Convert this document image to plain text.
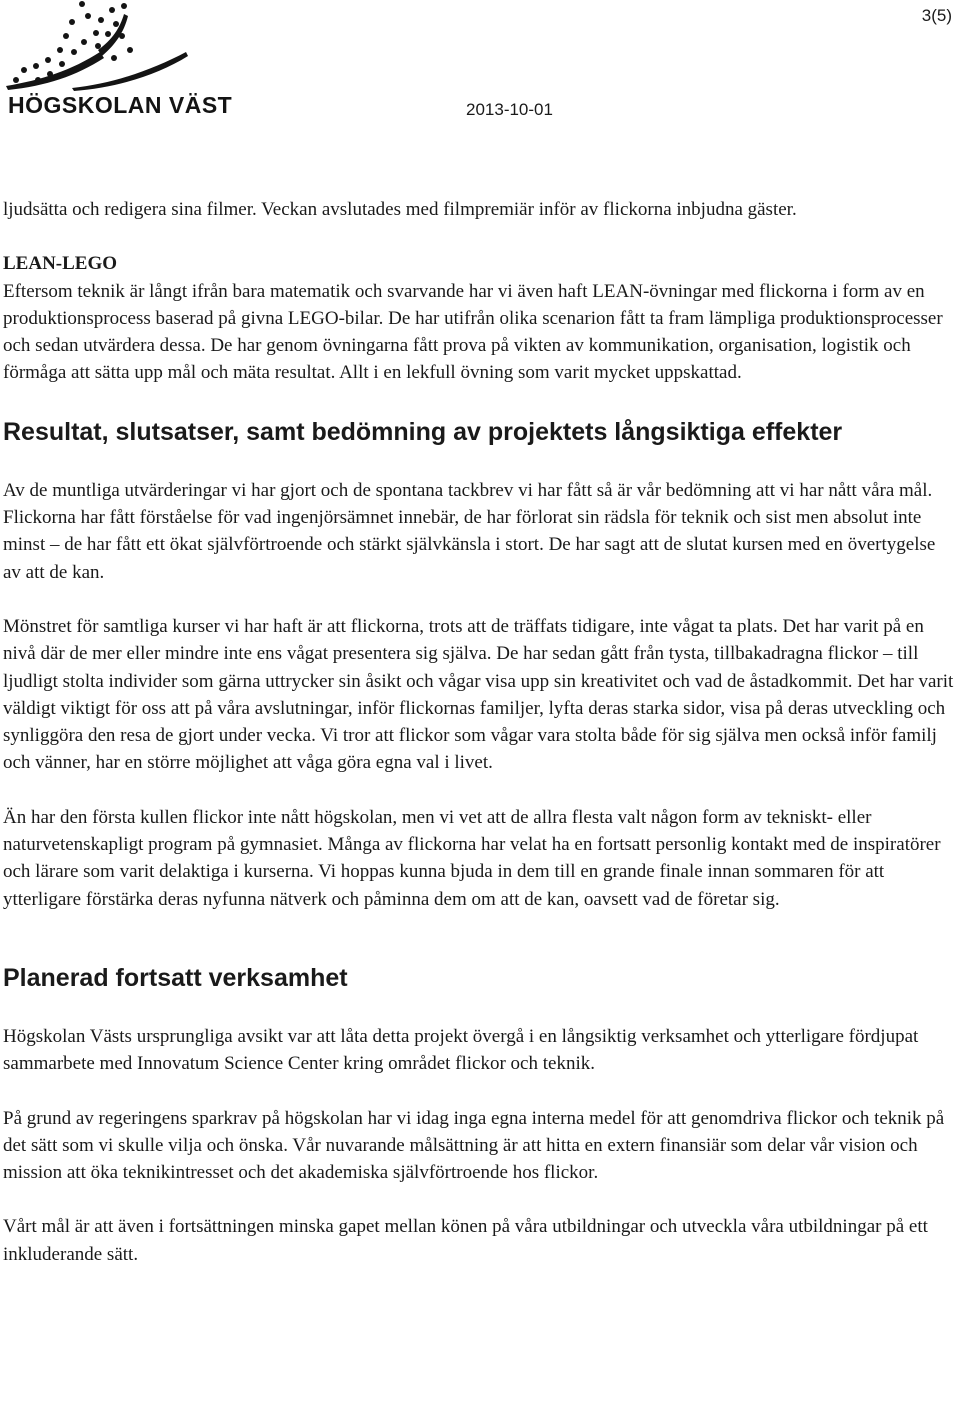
3(5)
HÖGSKOLAN VÄST	2013-10-01

ljudsätta och redigera sina filmer. Veckan avslutades med filmpremiär inför av flickorna inbjudna gäster.

LEAN-LEGO

Eftersom teknik är långt ifrån bara matematik och svarvande har vi även haft LEAN-övningar med flickorna i form av en produktionsprocess baserad på givna LEGO-bilar. De har utifrån olika scenarion fått ta fram lämpliga produktionsprocesser och sedan utvärdera dessa. De har genom övningarna fått prova på vikten av kommunikation, organisation, logistik och förmåga att sätta upp mål och mäta resultat. Allt i en lekfull övning som varit mycket uppskattad.

Resultat, slutsatser, samt bedömning av projektets långsiktiga effekter

Av de muntliga utvärderingar vi har gjort och de spontana tackbrev vi har fått så är vår bedömning att vi har nått våra mål. Flickorna har fått förståelse för vad ingenjörsämnet innebär, de har förlorat sin rädsla för teknik och sist men absolut inte minst – de har fått ett ökat självförtroende och stärkt självkänsla i stort. De har sagt att de slutat kursen med en övertygelse av att de kan.

Mönstret för samtliga kurser vi har haft är att flickorna, trots att de träffats tidigare, inte vågat ta plats. Det har varit på en nivå där de mer eller mindre inte ens vågat presentera sig själva. De har sedan gått från tysta, tillbakadragna flickor – till ljudligt stolta individer som gärna uttrycker sin åsikt och vågar visa upp sin kreativitet och vad de åstadkommit. Det har varit väldigt viktigt för oss att på våra avslutningar, inför flickornas familjer, lyfta deras starka sidor, visa på deras utveckling och synliggöra den resa de gjort under vecka. Vi tror att flickor som vågar vara stolta både för sig själva men också inför familj och vänner, har en större möjlighet att våga göra egna val i livet.

Än har den första kullen flickor inte nått högskolan, men vi vet att de allra flesta valt någon form av tekniskt- eller naturvetenskapligt program på gymnasiet. Många av flickorna har velat ha en fortsatt personlig kontakt med de inspiratörer och lärare som varit delaktiga i kurserna. Vi hoppas kunna bjuda in dem till en grande finale innan sommaren för att ytterligare förstärka deras nyfunna nätverk och påminna dem om att de kan, oavsett vad de företar sig.

Planerad fortsatt verksamhet

Högskolan Västs ursprungliga avsikt var att låta detta projekt övergå i en långsiktig verksamhet och ytterligare fördjupat sammarbete med Innovatum Science Center kring området flickor och teknik.

På grund av regeringens sparkrav på högskolan har vi idag inga egna interna medel för att genomdriva flickor och teknik på det sätt som vi skulle vilja och önska. Vår nuvarande målsättning är att hitta en extern finansiär som delar vår vision och mission att öka teknikintresset och det akademiska självförtroende hos flickor.

Vårt mål är att även i fortsättningen minska gapet mellan könen på våra utbildningar och utveckla våra utbildningar på ett inkluderande sätt.
